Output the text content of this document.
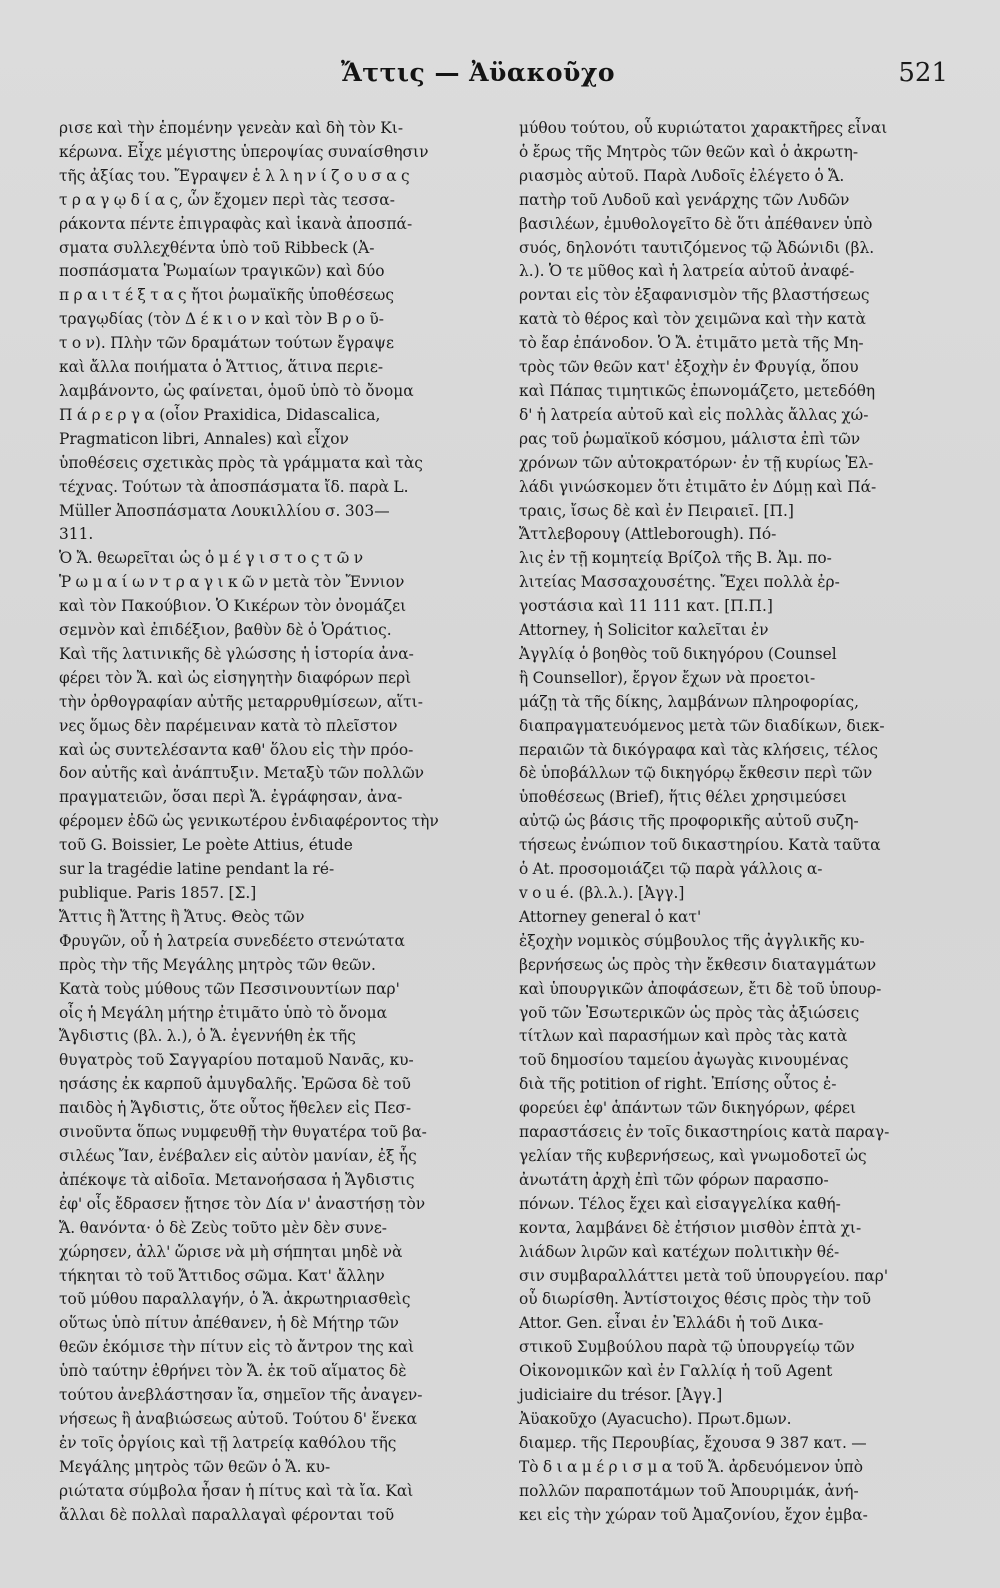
Ἄττις — Ἀϋακοῦχο	521

ρισε καὶ τὴν ἑπομένην γενεὰν καὶ δὴ τὸν Κι-

κέρωνα. Εἶχε μέγιστης ὑπεροψίας συναίσθησιν

τῆς ἀξίας του. Ἔγραψεν ἑ λ λ η ν ί ζ ο υ σ α ς

τ ρ α γ ῳ δ ί α ς, ὧν ἔχομεν περὶ τὰς τεσσα-

ράκοντα πέντε ἐπιγραφὰς καὶ ἱκανὰ ἀποσπά-

σματα συλλεχθέντα ὑπὸ τοῦ Ribbeck (Ἀ-

ποσπάσματα Ῥωμαίων τραγικῶν) καὶ δύο

π ρ α ι τ έ ξ τ α ς ἤτοι ῥωμαϊκῆς ὑποθέσεως

τραγῳδίας (τὸν Δ έ κ ι ο ν καὶ τὸν Β ρ ο ῦ-

τ ο ν). Πλὴν τῶν δραμάτων τούτων ἔγραψε

καὶ ἄλλα ποιήματα ὁ Ἄττιος, ἅτινα περιε-

λαμβάνοντο, ὡς φαίνεται, ὁμοῦ ὑπὸ τὸ ὄνομα

Π ά ρ ε ρ γ α (οἷον Praxidica, Didascalica,

Pragmaticon libri, Annales) καὶ εἶχον

ὑποθέσεις σχετικὰς πρὸς τὰ γράμματα καὶ τὰς

τέχνας. Τούτων τὰ ἀποσπάσματα ἴδ. παρὰ L.

Müller Ἀποσπάσματα Λουκιλλίου σ. 303—

311.

Ὁ Ἄ. θεωρεῖται ὡς ὁ μ έ γ ι σ τ ο ς τ ῶ ν

Ῥ ω μ α ί ω ν τ ρ α γ ι κ ῶ ν μετὰ τὸν Ἔννιον

καὶ τὸν Πακούβιον. Ὁ Κικέρων τὸν ὀνομάζει

σεμνὸν καὶ ἐπιδέξιον, βαθὺν δὲ ὁ Ὁράτιος.

Καὶ τῆς λατινικῆς δὲ γλώσσης ἡ ἱστορία ἀνα-

φέρει τὸν Ἄ. καὶ ὡς εἰσηγητὴν διαφόρων περὶ

τὴν ὀρθογραφίαν αὐτῆς μεταρρυθμίσεων, αἵτι-

νες ὅμως δὲν παρέμειναν κατὰ τὸ πλεῖστον

καὶ ὡς συντελέσαντα καθ' ὅλου εἰς τὴν πρόο-

δον αὐτῆς καὶ ἀνάπτυξιν. Μεταξὺ τῶν πολλῶν

πραγματειῶν, ὅσαι περὶ Ἄ. ἐγράφησαν, ἀνα-

φέρομεν ἐδῶ ὡς γενικωτέρου ἐνδιαφέροντος τὴν

τοῦ G. Boissier, Le poète Attius, étude

sur la tragédie latine pendant la ré-

publique. Paris 1857. [Σ.]

Ἄττις ἢ Ἄττης ἢ Ἄτυς. Θεὸς τῶν

Φρυγῶν, οὗ ἡ λατρεία συνεδέετο στενώτατα

πρὸς τὴν τῆς Μεγάλης μητρὸς τῶν θεῶν.

Κατὰ τοὺς μύθους τῶν Πεσσινουντίων παρ'

οἷς ἡ Μεγάλη μήτηρ ἐτιμᾶτο ὑπὸ τὸ ὄνομα

Ἄγδιστις (βλ. λ.), ὁ Ἄ. ἐγεννήθη ἐκ τῆς

θυγατρὸς τοῦ Σαγγαρίου ποταμοῦ Νανᾶς, κυ-

ησάσης ἐκ καρποῦ ἀμυγδαλῆς. Ἐρῶσα δὲ τοῦ

παιδὸς ἡ Ἄγδιστις, ὅτε οὗτος ἤθελεν εἰς Πεσ-

σινοῦντα ὅπως νυμφευθῇ τὴν θυγατέρα τοῦ βα-

σιλέως Ἴαν, ἐνέβαλεν εἰς αὐτὸν μανίαν, ἐξ ἧς

ἀπέκοψε τὰ αἰδοῖα. Μετανοήσασα ἡ Ἄγδιστις

ἐφ' οἷς ἔδρασεν ᾔτησε τὸν Δία ν' ἀναστήσῃ τὸν

Ἄ. θανόντα· ὁ δὲ Ζεὺς τοῦτο μὲν δὲν συνε-

χώρησεν, ἀλλ' ὥρισε νὰ μὴ σήπηται μηδὲ νὰ

τήκηται τὸ τοῦ Ἄττιδος σῶμα. Κατ' ἄλλην

τοῦ μύθου παραλλαγήν, ὁ Ἄ. ἀκρωτηριασθεὶς

οὕτως ὑπὸ πίτυν ἀπέθανεν, ἡ δὲ Μήτηρ τῶν

θεῶν ἐκόμισε τὴν πίτυν εἰς τὸ ἄντρον της καὶ

ὑπὸ ταύτην ἐθρήνει τὸν Ἄ. ἐκ τοῦ αἵματος δὲ

τούτου ἀνεβλάστησαν ἴα, σημεῖον τῆς ἀναγεν-

νήσεως ἢ ἀναβιώσεως αὐτοῦ. Τούτου δ' ἕνεκα

ἐν τοῖς ὀργίοις καὶ τῇ λατρείᾳ καθόλου τῆς

Μεγάλης μητρὸς τῶν θεῶν ὁ Ἄ. κυ-

ριώτατα σύμβολα ἦσαν ἡ πίτυς καὶ τὰ ἴα. Καὶ

ἄλλαι δὲ πολλαὶ παραλλαγαὶ φέρονται τοῦ

μύθου τούτου, οὗ κυριώτατοι χαρακτῆρες εἶναι

ὁ ἔρως τῆς Μητρὸς τῶν θεῶν καὶ ὁ ἀκρωτη-

ριασμὸς αὐτοῦ. Παρὰ Λυδοῖς ἐλέγετο ὁ Ἄ.

πατὴρ τοῦ Λυδοῦ καὶ γενάρχης τῶν Λυδῶν

βασιλέων, ἐμυθολογεῖτο δὲ ὅτι ἀπέθανεν ὑπὸ

συός, δηλονότι ταυτιζόμενος τῷ Ἀδώνιδι (βλ.

λ.). Ὁ τε μῦθος καὶ ἡ λατρεία αὐτοῦ ἀναφέ-

ρονται εἰς τὸν ἐξαφανισμὸν τῆς βλαστήσεως

κατὰ τὸ θέρος καὶ τὸν χειμῶνα καὶ τὴν κατὰ

τὸ ἔαρ ἐπάνοδον. Ὁ Ἄ. ἐτιμᾶτο μετὰ τῆς Μη-

τρὸς τῶν θεῶν κατ' ἐξοχὴν ἐν Φρυγίᾳ, ὅπου

καὶ Πάπας τιμητικῶς ἐπωνομάζετο, μετεδόθη

δ' ἡ λατρεία αὐτοῦ καὶ εἰς πολλὰς ἄλλας χώ-

ρας τοῦ ῥωμαϊκοῦ κόσμου, μάλιστα ἐπὶ τῶν

χρόνων τῶν αὐτοκρατόρων· ἐν τῇ κυρίως Ἑλ-

λάδι γινώσκομεν ὅτι ἐτιμᾶτο ἐν Δύμῃ καὶ Πά-

τραις, ἴσως δὲ καὶ ἐν Πειραιεῖ. [Π.]

Ἄττλεβορουγ (Attleborough). Πό-

λις ἐν τῇ κομητείᾳ Βρίζολ τῆς Β. Ἀμ. πο-

λιτείας Μασσαχουσέτης. Ἔχει πολλὰ ἐρ-

γοστάσια καὶ 11 111 κατ. [Π.Π.]

Attorney, ἡ Solicitor καλεῖται ἐν

Ἀγγλίᾳ ὁ βοηθὸς τοῦ δικηγόρου (Counsel

ἢ Counsellor), ἔργον ἔχων νὰ προετοι-

μάζῃ τὰ τῆς δίκης, λαμβάνων πληροφορίας,

διαπραγματευόμενος μετὰ τῶν διαδίκων, διεκ-

περαιῶν τὰ δικόγραφα καὶ τὰς κλήσεις, τέλος

δὲ ὑποβάλλων τῷ δικηγόρῳ ἔκθεσιν περὶ τῶν

ὑποθέσεως (Brief), ἥτις θέλει χρησιμεύσει

αὐτῷ ὡς βάσις τῆς προφορικῆς αὐτοῦ συζη-

τήσεως ἐνώπιον τοῦ δικαστηρίου. Κατὰ ταῦτα

ὁ At. προσομοιάζει τῷ παρὰ γάλλοις α-

v o u é. (βλ.λ.). [Ἀγγ.]

Attorney general ὁ κατ'

ἐξοχὴν νομικὸς σύμβουλος τῆς ἀγγλικῆς κυ-

βερνήσεως ὡς πρὸς τὴν ἔκθεσιν διαταγμάτων

καὶ ὑπουργικῶν ἀποφάσεων, ἔτι δὲ τοῦ ὑπουρ-

γοῦ τῶν Ἐσωτερικῶν ὡς πρὸς τὰς ἀξιώσεις

τίτλων καὶ παρασήμων καὶ πρὸς τὰς κατὰ

τοῦ δημοσίου ταμείου ἀγωγὰς κινουμένας

διὰ τῆς potition of right. Ἐπίσης οὗτος ἐ-

φορεύει ἐφ' ἁπάντων τῶν δικηγόρων, φέρει

παραστάσεις ἐν τοῖς δικαστηρίοις κατὰ παραγ-

γελίαν τῆς κυβερνήσεως, καὶ γνωμοδοτεῖ ὡς

ἀνωτάτη ἀρχὴ ἐπὶ τῶν φόρων παρασπο-

πόνων. Τέλος ἔχει καὶ εἰσαγγελίκα καθή-

κοντα, λαμβάνει δὲ ἐτήσιον μισθὸν ἑπτὰ χι-

λιάδων λιρῶν καὶ κατέχων πολιτικὴν θέ-

σιν συμβαραλλάττει μετὰ τοῦ ὑπουργείου. παρ'

οὗ διωρίσθη. Ἀντίστοιχος θέσις πρὸς τὴν τοῦ

Attor. Gen. εἶναι ἐν Ἑλλάδι ἡ τοῦ Δικα-

στικοῦ Συμβούλου παρὰ τῷ ὑπουργείῳ τῶν

Οἰκονομικῶν καὶ ἐν Γαλλίᾳ ἡ τοῦ Agent

judiciaire du trésor. [Ἀγγ.]

Ἀϋακοῦχο (Ayacucho). Πρωτ.δμων.

διαμερ. τῆς Περουβίας, ἔχουσα 9 387 κατ. —

Τὸ δ ι α μ έ ρ ι σ μ α τοῦ Ἄ. ἀρδευόμενον ὑπὸ

πολλῶν παραποτάμων τοῦ Ἀπουριμάκ, ἀνή-

κει εἰς τὴν χώραν τοῦ Ἀμαζονίου, ἔχον ἐμβα-
